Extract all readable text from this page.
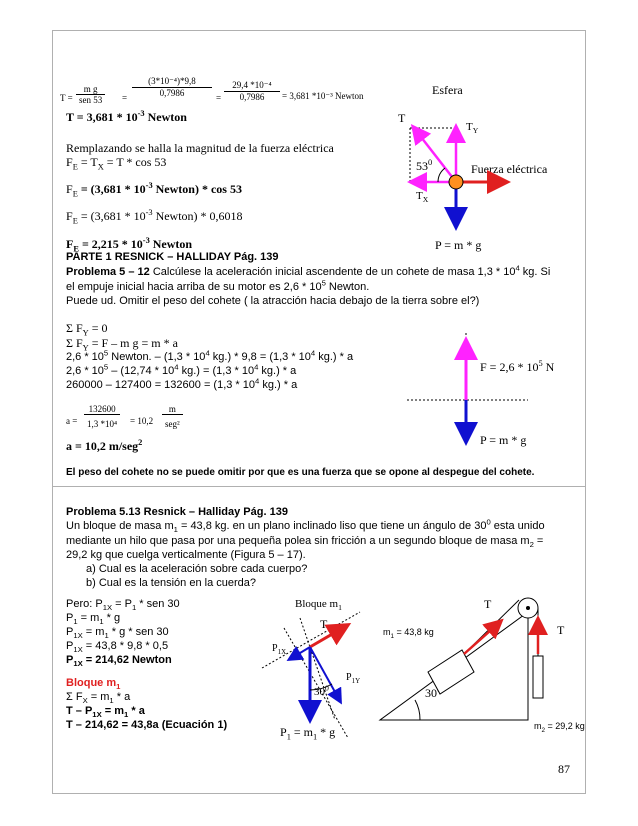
T =
m g
sen 53	= $\frac{\text{(3*10⁻⁴)*9,8}}{0,7986} = \frac{\text{29,4 *10⁻⁴}}{0,7986} = 3,681$ *10⁻³ Newton
$T = 3,681 * 10^{-3}$ Newton
Remplazando se halla la magnitud de la fuerza eléctrica
$F_E = T_X = T * \cos 53$
$F_E = (3,681 * 10^{-3}$ Newton) * cos 53
$F_E = (3,681 * 10^{-3}$ Newton) * 0,6018
$F_E = 2,215 * 10^{-3}$ Newton
Esfera
T
$T_Y$
$53^0$	Fuerza eléctrica
$T_X$
P = m * g
PARTE 1 RESNICK – HALLIDAY Pág. 139
Problema 5 – 12 Calcúlese la aceleración inicial ascendente de un cohete de masa $1,3 * 10^4$ kg. Si
el empuje inicial hacia arriba de su motor es $2,6 * 10^5$ Newton.
Puede ud. Omitir el peso del cohete ( la atracción hacia debajo de la tierra sobre el?)
Σ $F_Y = 0$
Σ $F_Y = F - m$ g = m * a
$2,6 * 10^5$ Newton. – ($1,3 * 10^4$ $kg.) * 9,8 = (1,3 * 10^4$ kg.) * a
$2,6 * 10^5 - (12,74 * 10^4$ $kg.) = (1,3 * 10^4$ kg.) * a
$260000 - 127400 = 132600 = (1,3 * 10^4$ kg.) * a
$a = \frac{132600}{\text{1,3 *10⁴}} = 10,2$
m
seg²
a = 10,2 m/seg$^2$
El peso del cohete no se puede omitir por que es una fuerza que se opone al despegue del cohete.
$F = 2,6 * 10^5$ N
P = m * g
Problema 5.13 Resnick – Halliday Pág. 139
Un bloque de masa $m_1 = 43,8$ kg. en un plano inclinado liso que tiene un ángulo de $30^0$ esta unido
mediante un hilo que pasa por una pequeña polea sin fricción a un segundo bloque de masa $m_2$ =
29,2 kg que cuelga verticalmente (Figura 5 – 17).
a) Cual es la aceleración sobre cada cuerpo?
b) Cual es la tensión en la cuerda?
Pero: $P_{1X} = P_1$ * sen 30
$P_1 = m_1 * g$
$P_{1X} = m_1 * g$ * sen 30
$P_{1X} = 43,8 * 9,8 * 0,5$
$P_{1X} = 214,62$ Newton
Bloque $m_1$
Σ $F_X = m_1 * a$
$T - P_{1X} = m_1 * a$
T – 214,62 = 43,8a (Ecuación 1)
87
Bloque $m_1$
T
$P_{1X}$
$P_{1Y}$
$30^0$
$P_1 = m_1 * g$
T
T
$m_1 = 43,8$ kg
30
$m_2 = 29,2$ kg
